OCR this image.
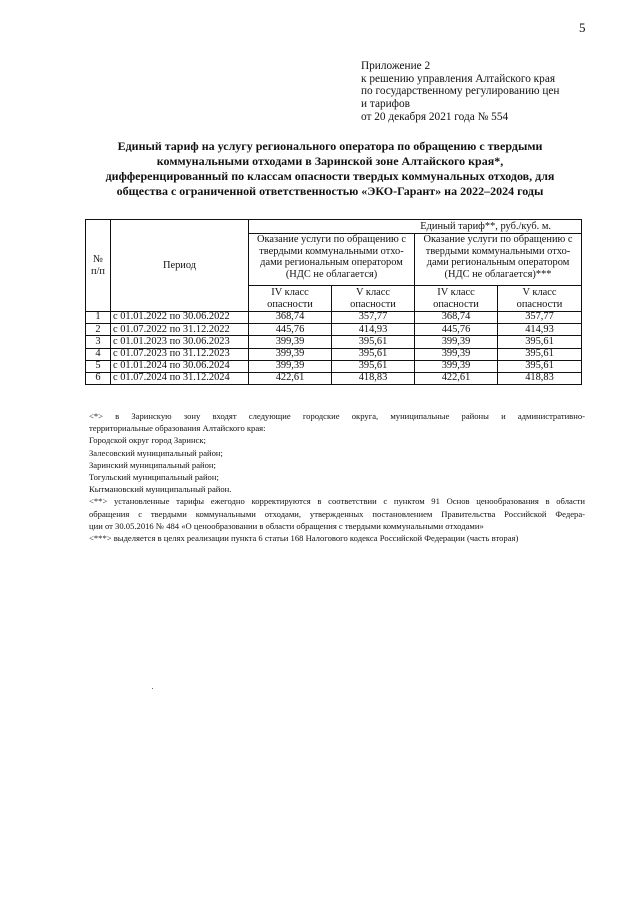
5
Приложение 2
к решению управления Алтайского края
по государственному регулированию цен
и тарифов
от 20 декабря 2021 года № 554
Единый тариф на услугу регионального оператора по обращению с твердыми
коммунальными отходами в Заринской зоне Алтайского края*,
дифференцированный по классам опасности твердых коммунальных отходов, для
общества с ограниченной ответственностью «ЭКО-Гарант» на 2022–2024 годы
№ п/п	Период	Единый тариф**, руб./куб. м.			
		Оказание услуги по обращению с твердыми коммунальными отхо- дами региональным оператором (НДС не облагается)		Оказание услуги по обращению с твердыми коммунальными отхо- дами региональным оператором (НДС не облагается)***	
		IV класс опасности	V класс опасности	IV класс опасности	V класс опасности
1	с 01.01.2022 по 30.06.2022	368,74	357,77	368,74	357,77
2	с 01.07.2022 по 31.12.2022	445,76	414,93	445,76	414,93
3	с 01.01.2023 по 30.06.2023	399,39	395,61	399,39	395,61
4	с 01.07.2023 по 31.12.2023	399,39	395,61	399,39	395,61
5	с 01.01.2024 по 30.06.2024	399,39	395,61	399,39	395,61
6	с 01.07.2024 по 31.12.2024	422,61	418,83	422,61	418,83
<*> в Заринскую зону входят следующие городские округа, муниципальные районы и административно-
территориальные образования Алтайского края:
Городской округ город Заринск;
Залесовский муниципальный район;
Заринский муниципальный район;
Тогульский муниципальный район;
Кытмановский муниципальный район.
<**> установленные тарифы ежегодно корректируются в соответствии с пунктом 91 Основ ценообразования в области
обращения с твердыми коммунальными отходами, утвержденных постановлением Правительства Российской Федера-
ции от 30.05.2016 № 484 «О ценообразовании в области обращения с твердыми коммунальными отходами»
<***> выделяется в целях реализации пункта 6 статьи 168 Налогового кодекса Российской Федерации (часть вторая)
